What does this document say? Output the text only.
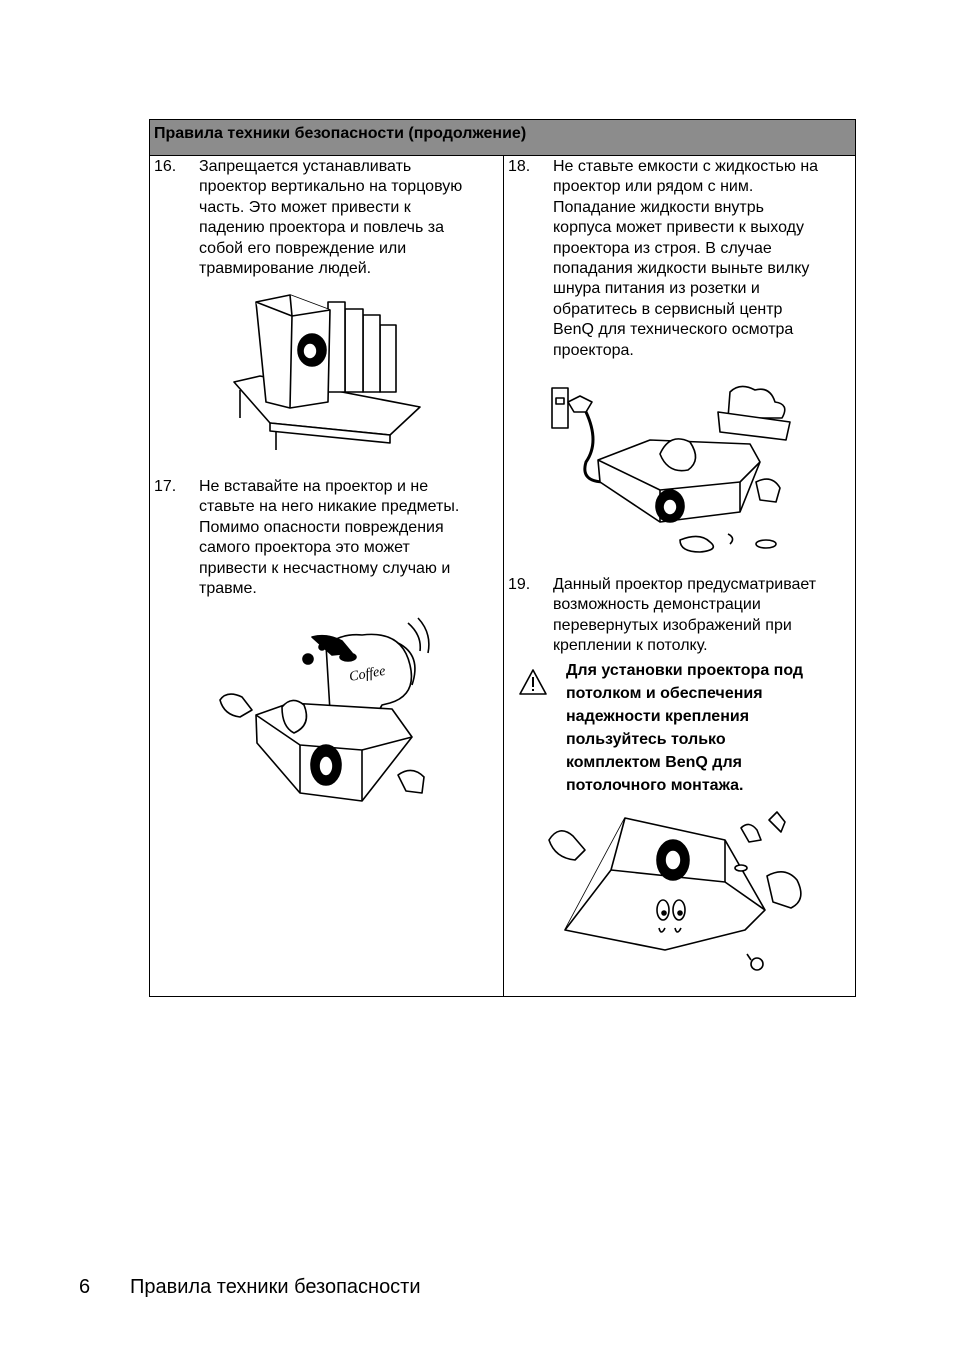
Правила техники безопасности (продолжение)
16. Запрещается устанавливать
проектор вертикально на торцовую
часть. Это может привести к
падению проектора и повлечь за
собой его повреждение или
травмирование людей.
17. Не вставайте на проектор и не
ставьте на него никакие предметы.
Помимо опасности повреждения
самого проектора это может
привести к несчастному случаю и
травме.
Coffee
18. Не ставьте емкости с жидкостью на
проектор или рядом с ним.
Попадание жидкости внутрь
корпуса может привести к выходу
проектора из строя. В случае
попадания жидкости выньте вилку
шнура питания из розетки и
обратитесь в сервисный центр
BenQ для технического осмотра
проектора.
19. Данный проектор предусматривает
возможность демонстрации
перевернутых изображений при
креплении к потолку.
Для установки проектора под
потолком и обеспечения
надежности крепления
пользуйтесь только
комплектом BenQ для
потолочного монтажа.
6 Правила техники безопасности
